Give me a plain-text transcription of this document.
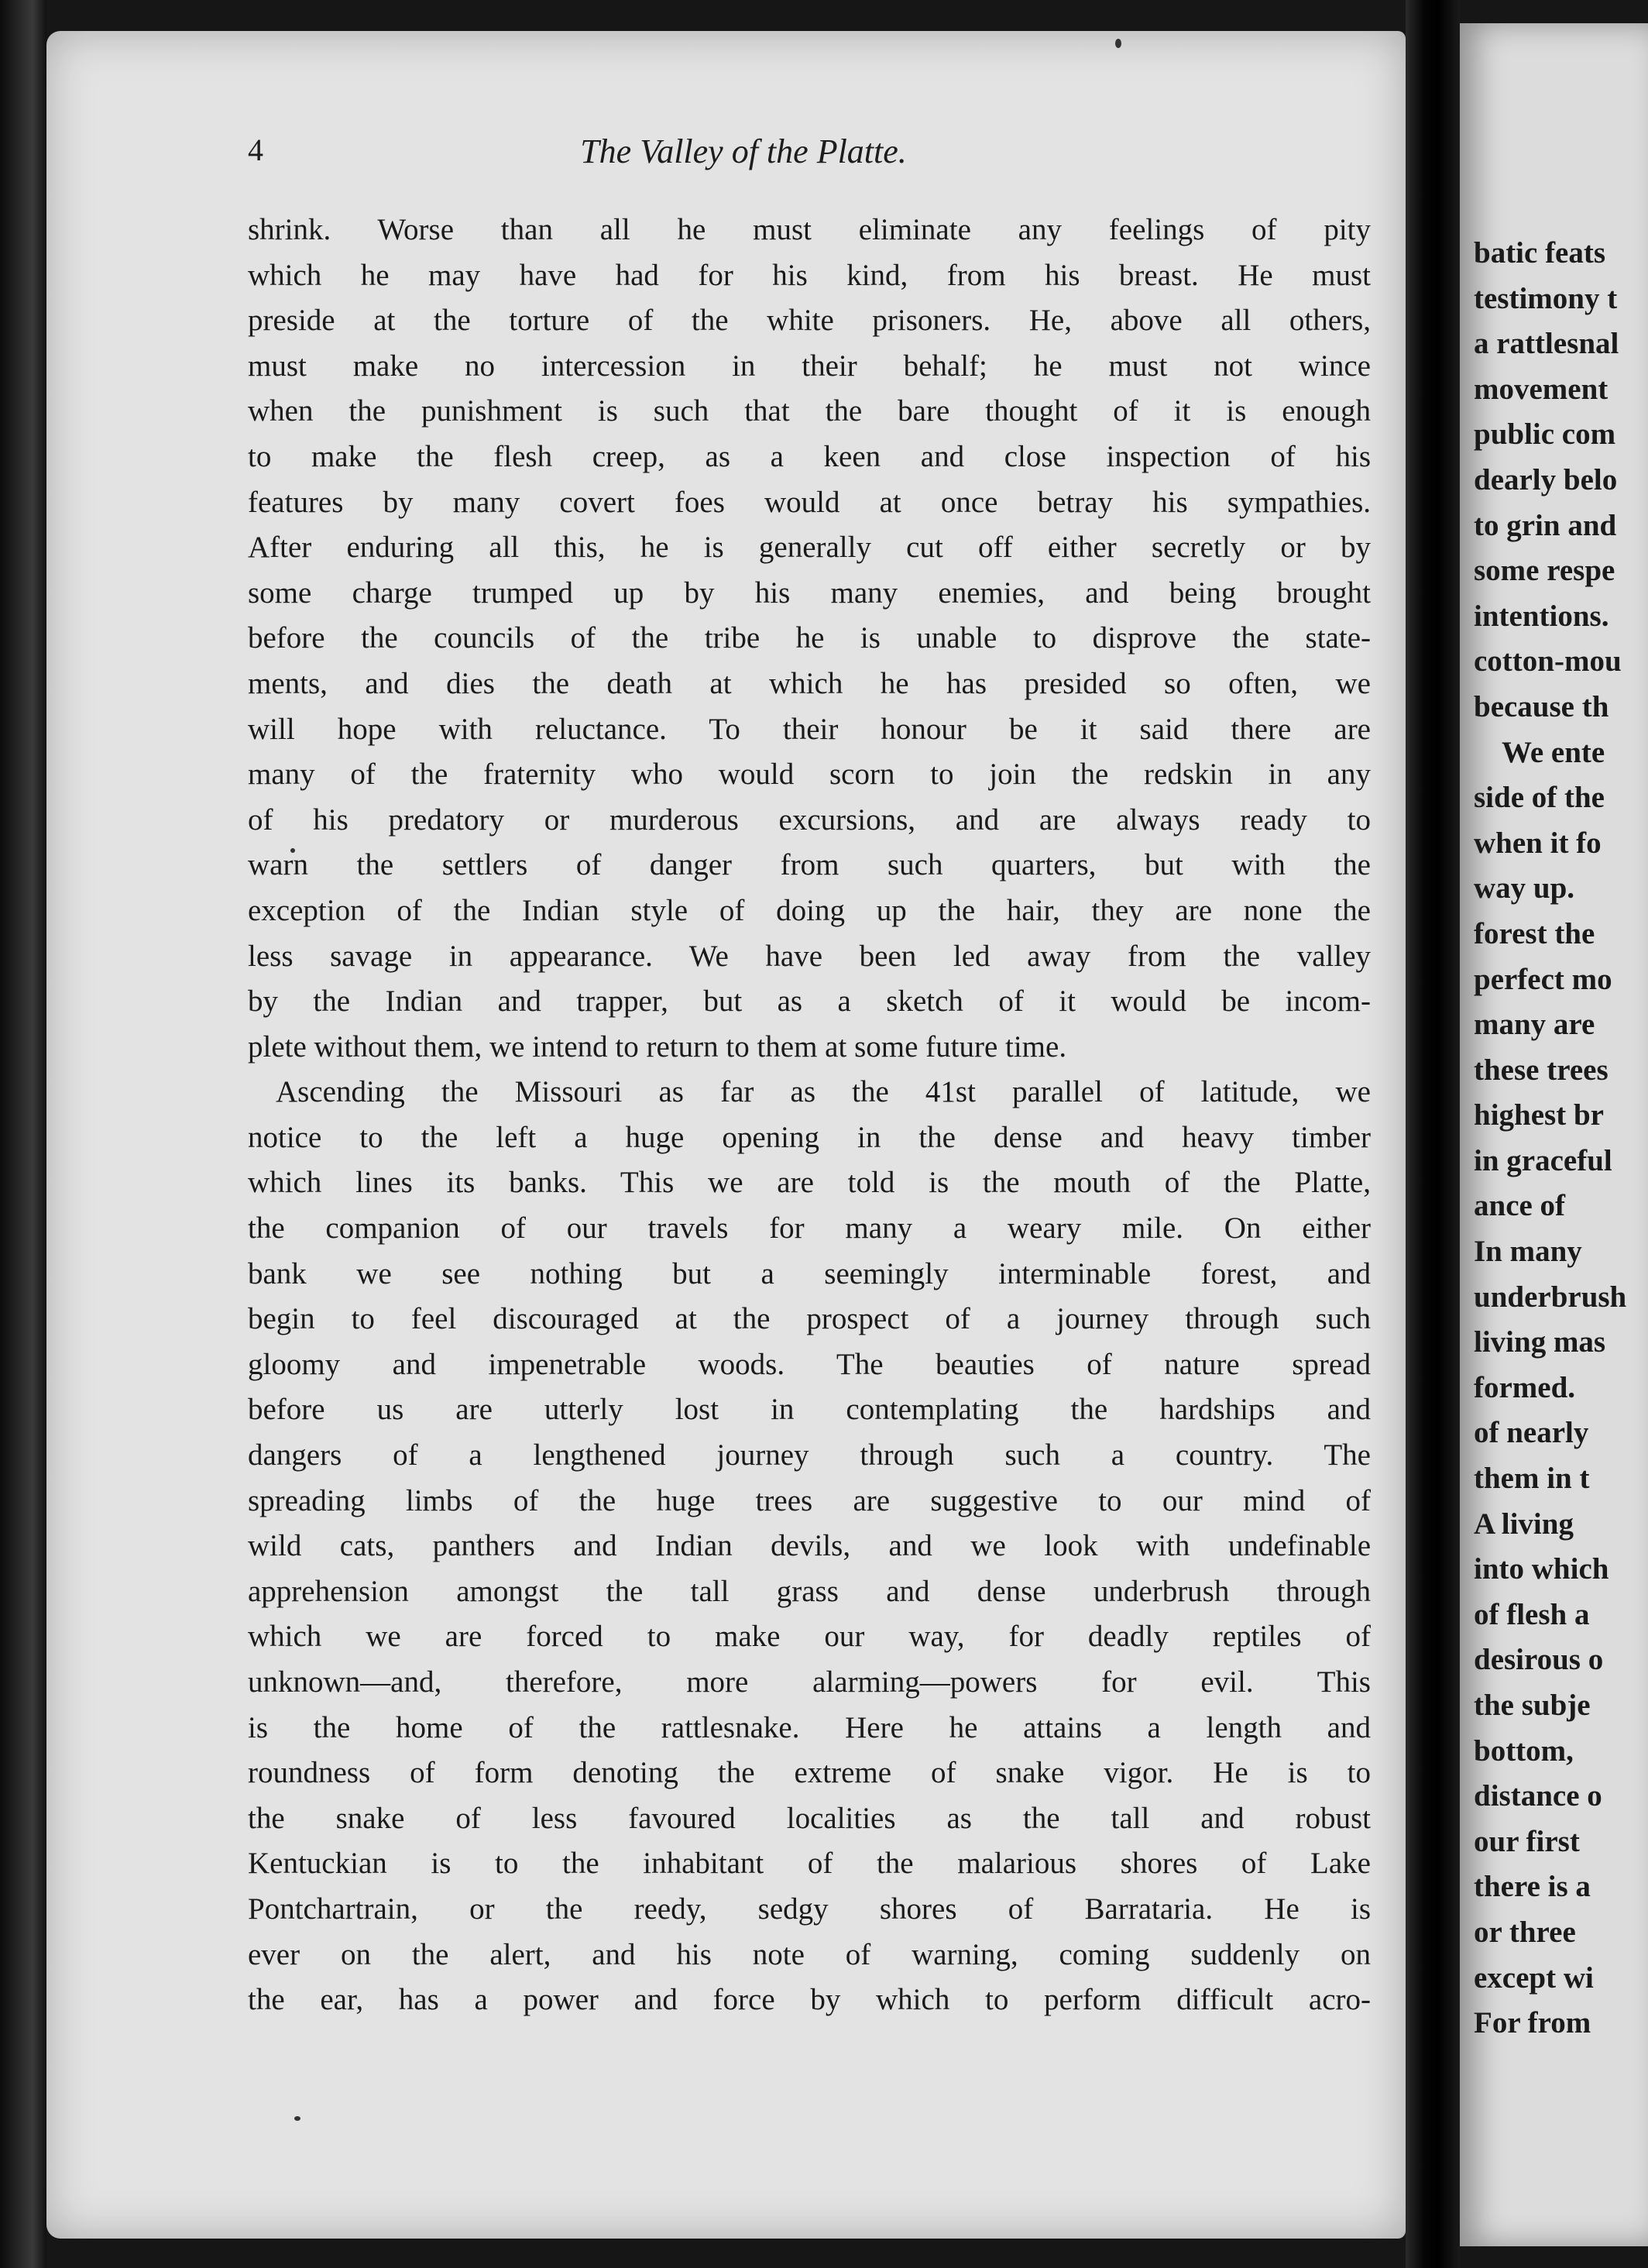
batic feats
testimony t
a rattlesnal
movement
public com
dearly belo
to grin and
some respe
intentions.
cotton-mou
because th
We ente
side of the
when it fo
way up.
forest the
perfect mo
many are
these trees
highest br
in graceful
ance of
In many
underbrush
living mas
formed.
of nearly
them in t
A living
into which
of flesh a
desirous o
the subje
bottom,
distance o
our first
there is a
or three
except wi
For from
4	The Valley of the Platte.
shrink. Worse than all he must eliminate any feelings of pity
which he may have had for his kind, from his breast. He must
preside at the torture of the white prisoners. He, above all others,
must make no intercession in their behalf; he must not wince
when the punishment is such that the bare thought of it is enough
to make the flesh creep, as a keen and close inspection of his
features by many covert foes would at once betray his sympathies.
After enduring all this, he is generally cut off either secretly or by
some charge trumped up by his many enemies, and being brought
before the councils of the tribe he is unable to disprove the state-
ments, and dies the death at which he has presided so often, we
will hope with reluctance. To their honour be it said there are
many of the fraternity who would scorn to join the redskin in any
of his predatory or murderous excursions, and are always ready to
warn the settlers of danger from such quarters, but with the
exception of the Indian style of doing up the hair, they are none the
less savage in appearance. We have been led away from the valley
by the Indian and trapper, but as a sketch of it would be incom-
plete without them, we intend to return to them at some future time.
Ascending the Missouri as far as the 41st parallel of latitude, we
notice to the left a huge opening in the dense and heavy timber
which lines its banks. This we are told is the mouth of the Platte,
the companion of our travels for many a weary mile. On either
bank we see nothing but a seemingly interminable forest, and
begin to feel discouraged at the prospect of a journey through such
gloomy and impenetrable woods. The beauties of nature spread
before us are utterly lost in contemplating the hardships and
dangers of a lengthened journey through such a country. The
spreading limbs of the huge trees are suggestive to our mind of
wild cats, panthers and Indian devils, and we look with undefinable
apprehension amongst the tall grass and dense underbrush through
which we are forced to make our way, for deadly reptiles of
unknown—and, therefore, more alarming—powers for evil. This
is the home of the rattlesnake. Here he attains a length and
roundness of form denoting the extreme of snake vigor. He is to
the snake of less favoured localities as the tall and robust
Kentuckian is to the inhabitant of the malarious shores of Lake
Pontchartrain, or the reedy, sedgy shores of Barrataria. He is
ever on the alert, and his note of warning, coming suddenly on
the ear, has a power and force by which to perform difficult acro-
